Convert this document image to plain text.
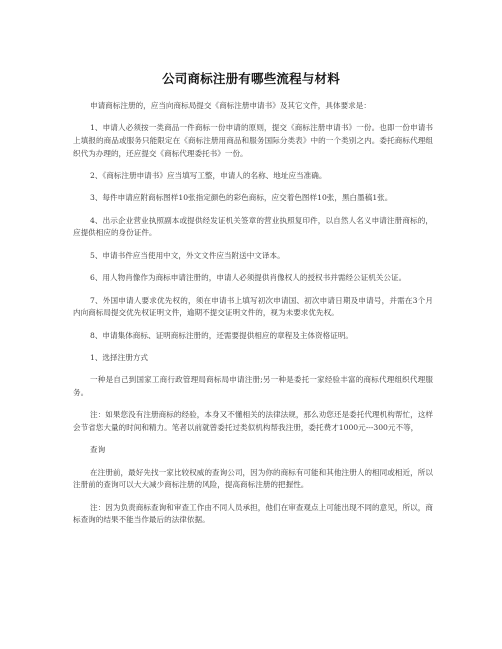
公司商标注册有哪些流程与材料

申请商标注册的，应当向商标局提交《商标注册申请书》及其它文件，具体要求是：

1、申请人必须按一类商品一件商标一份申请的原则，提交《商标注册申请书》一份。也即一份申请书上填报的商品或服务只能限定在《商标注册用商品和服务国际分类表》中的一个类别之内。委托商标代理组织代为办理的，还应提交《商标代理委托书》一份。

2、《商标注册申请书》应当填写工整，申请人的名称、地址应当准确。

3、每件申请应附商标图样10张指定颜色的彩色商标，应交着色图样10张，黑白墨稿1张。

4、出示企业营业执照副本或提供经发证机关签章的营业执照复印件，以自然人名义申请注册商标的，应提供相应的身份证件。

5、申请书件应当使用中文，外文文件应当附送中文译本。

6、用人物肖像作为商标申请注册的，申请人必须提供肖像权人的授权书并需经公证机关公证。

7、外国申请人要求优先权的，须在申请书上填写初次申请国、初次申请日期及申请号，并需在3个月内向商标局提交优先权证明文件，逾期不提交证明文件的，视为未要求优先权。

8、申请集体商标、证明商标注册的，还需要提供相应的章程及主体资格证明。

1、选择注册方式

一种是自己到国家工商行政管理局商标局申请注册;另一种是委托一家经验丰富的商标代理组织代理服务。

注：如果您没有注册商标的经验，本身又不懂相关的法律法规，那么劝您还是委托代理机构帮忙，这样会节省您大量的时间和精力。笔者以前就曾委托过类似机构帮我注册，委托费才1000元---300元不等，

查询

在注册前，最好先找一家比较权威的查询公司，因为你的商标有可能和其他注册人的相同或相近，所以注册前的查询可以大大减少商标注册的风险，提高商标注册的把握性。

注：因为负责商标查询和审查工作由不同人员承担，他们在审查观点上可能出现不同的意见，所以，商标查询的结果不能当作最后的法律依据。
